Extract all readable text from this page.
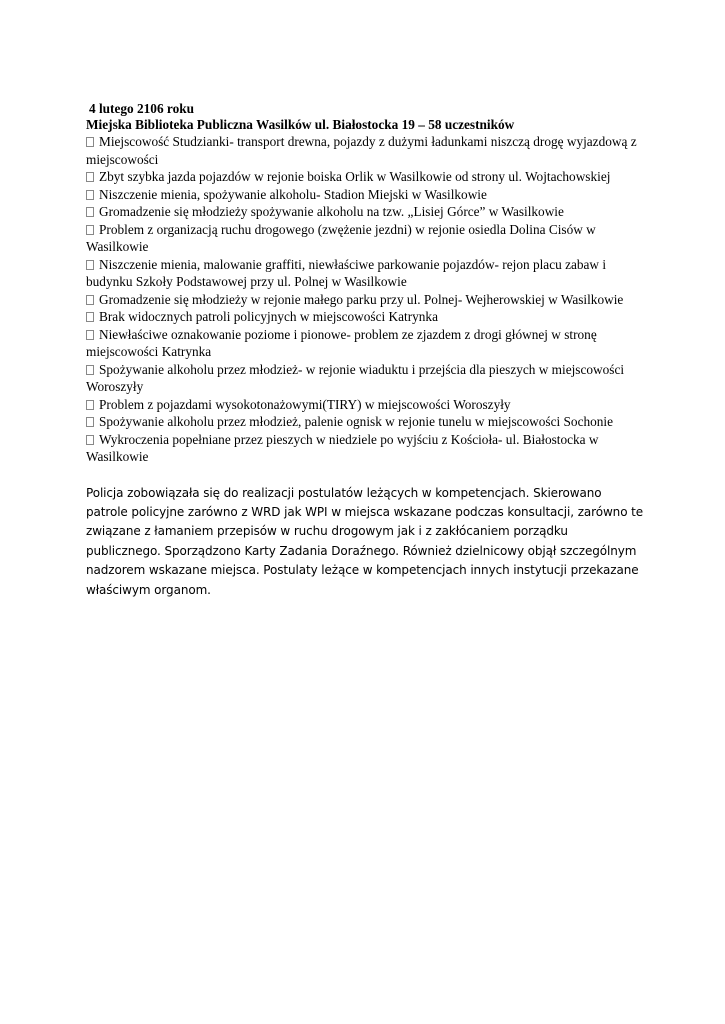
4 lutego 2106 roku

Miejska Biblioteka Publiczna Wasilków ul. Białostocka 19 – 58 uczestników

Miejscowość Studzianki- transport drewna, pojazdy z dużymi ładunkami niszczą drogę wyjazdową z miejscowości
Zbyt szybka jazda pojazdów w rejonie boiska Orlik w Wasilkowie od strony ul. Wojtachowskiej
Niszczenie mienia, spożywanie alkoholu- Stadion Miejski w Wasilkowie
Gromadzenie się młodzieży spożywanie alkoholu na tzw. „Lisiej Górce” w Wasilkowie
Problem z organizacją ruchu drogowego (zwężenie jezdni) w rejonie osiedla Dolina Cisów w Wasilkowie
Niszczenie mienia, malowanie graffiti, niewłaściwe parkowanie pojazdów- rejon placu zabaw i budynku Szkoły Podstawowej przy ul. Polnej w Wasilkowie
Gromadzenie się młodzieży w rejonie małego parku przy ul. Polnej- Wejherowskiej w Wasilkowie
Brak widocznych patroli policyjnych w miejscowości Katrynka
Niewłaściwe oznakowanie poziome i pionowe- problem ze zjazdem z drogi głównej w stronę miejscowości Katrynka
Spożywanie alkoholu przez młodzież- w rejonie wiaduktu i przejścia dla pieszych w miejscowości Woroszyły
Problem z pojazdami wysokotonażowymi(TIRY) w miejscowości Woroszyły
Spożywanie alkoholu przez młodzież, palenie ognisk w rejonie tunelu w miejscowości Sochonie
Wykroczenia popełniane przez pieszych w niedziele po wyjściu z Kościoła- ul. Białostocka w Wasilkowie

Policja zobowiązała się do realizacji postulatów leżących w kompetencjach. Skierowano patrole policyjne zarówno z WRD jak WPI w miejsca wskazane podczas konsultacji, zarówno te związane z łamaniem przepisów w ruchu drogowym jak i z zakłócaniem porządku publicznego. Sporządzono Karty Zadania Doraźnego. Również dzielnicowy objął szczególnym nadzorem wskazane miejsca. Postulaty leżące w kompetencjach innych instytucji przekazane właściwym organom.
